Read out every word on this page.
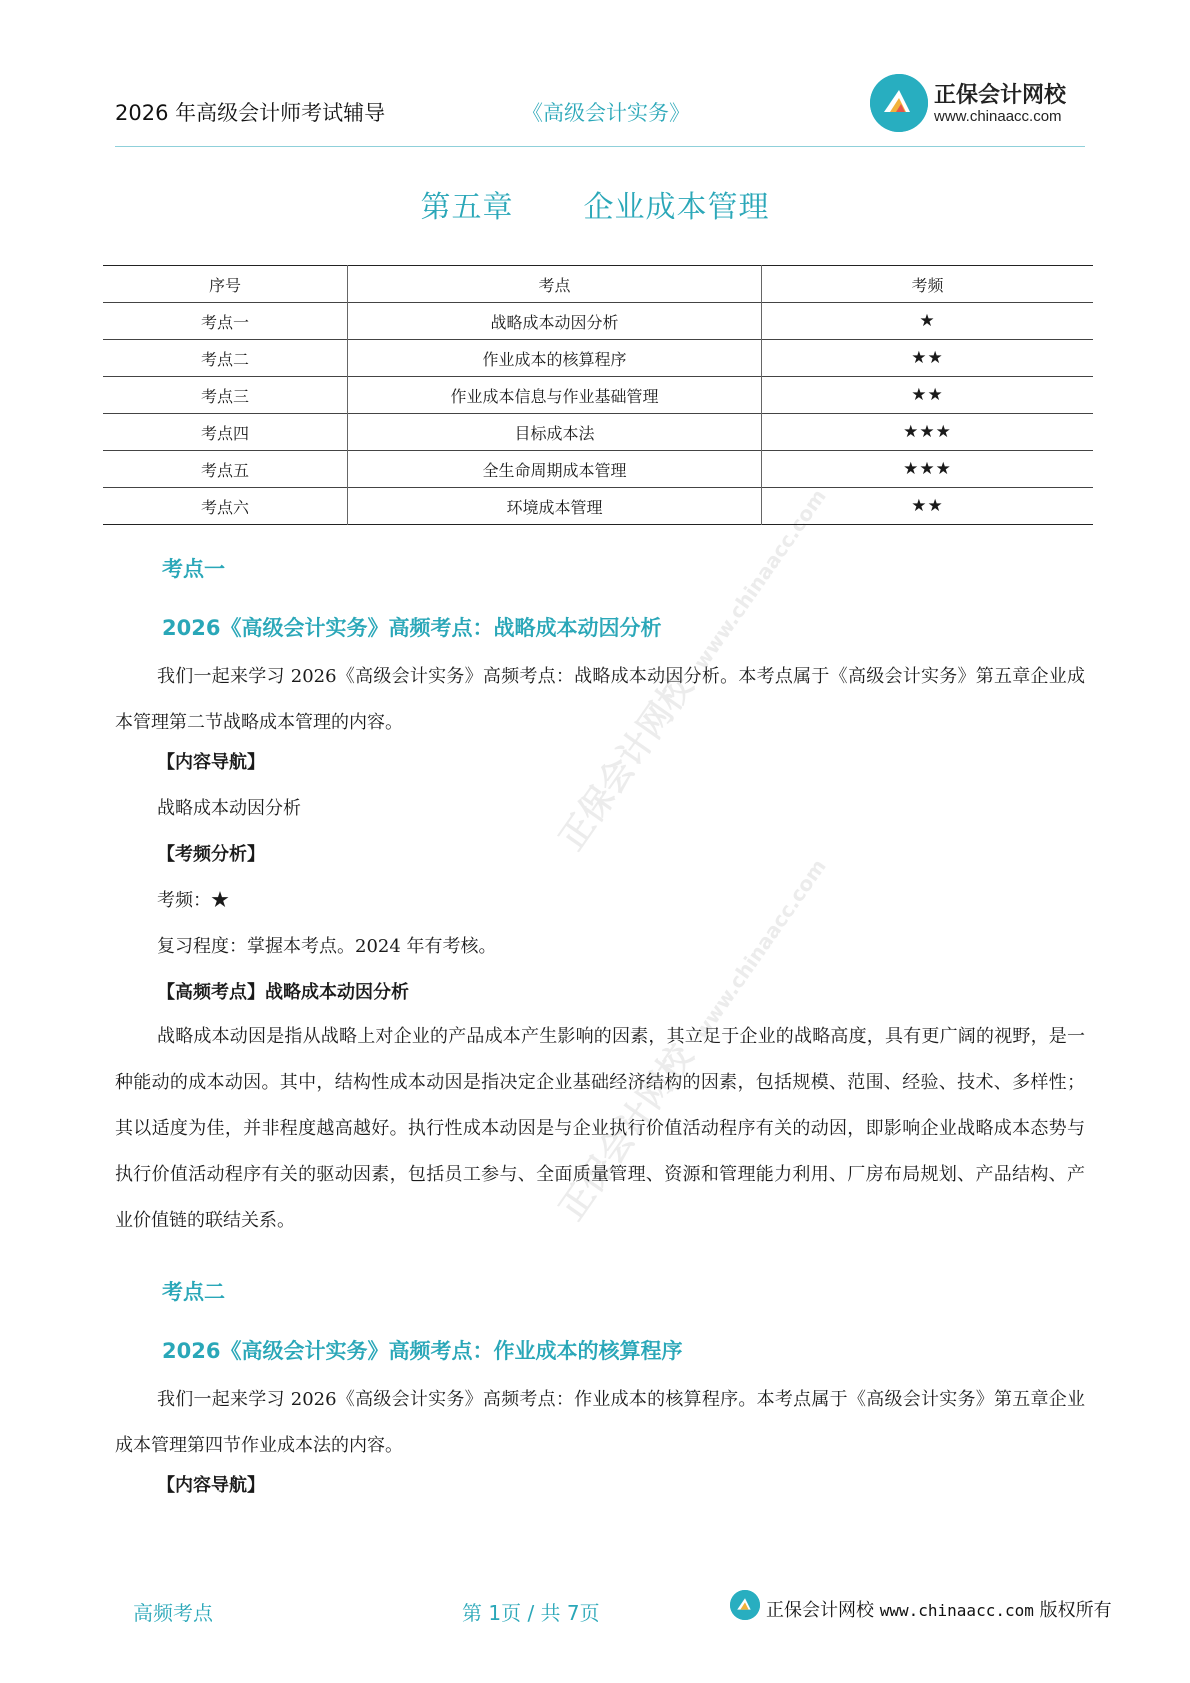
正保会计网校 www.chinaacc.com
正保会计网校 www.chinaacc.com
2026 年高级会计师考试辅导	《高级会计实务》
正保会计网校
www.chinaacc.com
第五章 企业成本管理
序号	考点	考频
考点一	战略成本动因分析	★
考点二	作业成本的核算程序	★★
考点三	作业成本信息与作业基础管理	★★
考点四	目标成本法	★★★
考点五	全生命周期成本管理	★★★
考点六	环境成本管理	★★
考点一
2026《高级会计实务》高频考点：战略成本动因分析
我们一起来学习 2026《高级会计实务》高频考点：战略成本动因分析。本考点属于《高级会计实务》第五章企业成本管理第二节战略成本管理的内容。
【内容导航】
战略成本动因分析
【考频分析】
考频：★
复习程度：掌握本考点。2024 年有考核。
【高频考点】战略成本动因分析
战略成本动因是指从战略上对企业的产品成本产生影响的因素，其立足于企业的战略高度，具有更广阔的视野，是一种能动的成本动因。其中，结构性成本动因是指决定企业基础经济结构的因素，包括规模、范围、经验、技术、多样性；其以适度为佳，并非程度越高越好。执行性成本动因是与企业执行价值活动程序有关的动因，即影响企业战略成本态势与执行价值活动程序有关的驱动因素，包括员工参与、全面质量管理、资源和管理能力利用、厂房布局规划、产品结构、产业价值链的联结关系。
考点二
2026《高级会计实务》高频考点：作业成本的核算程序
我们一起来学习 2026《高级会计实务》高频考点：作业成本的核算程序。本考点属于《高级会计实务》第五章企业成本管理第四节作业成本法的内容。
【内容导航】
高频考点	第 1页 / 共 7页	正保会计网校 www.chinaacc.com 版权所有
